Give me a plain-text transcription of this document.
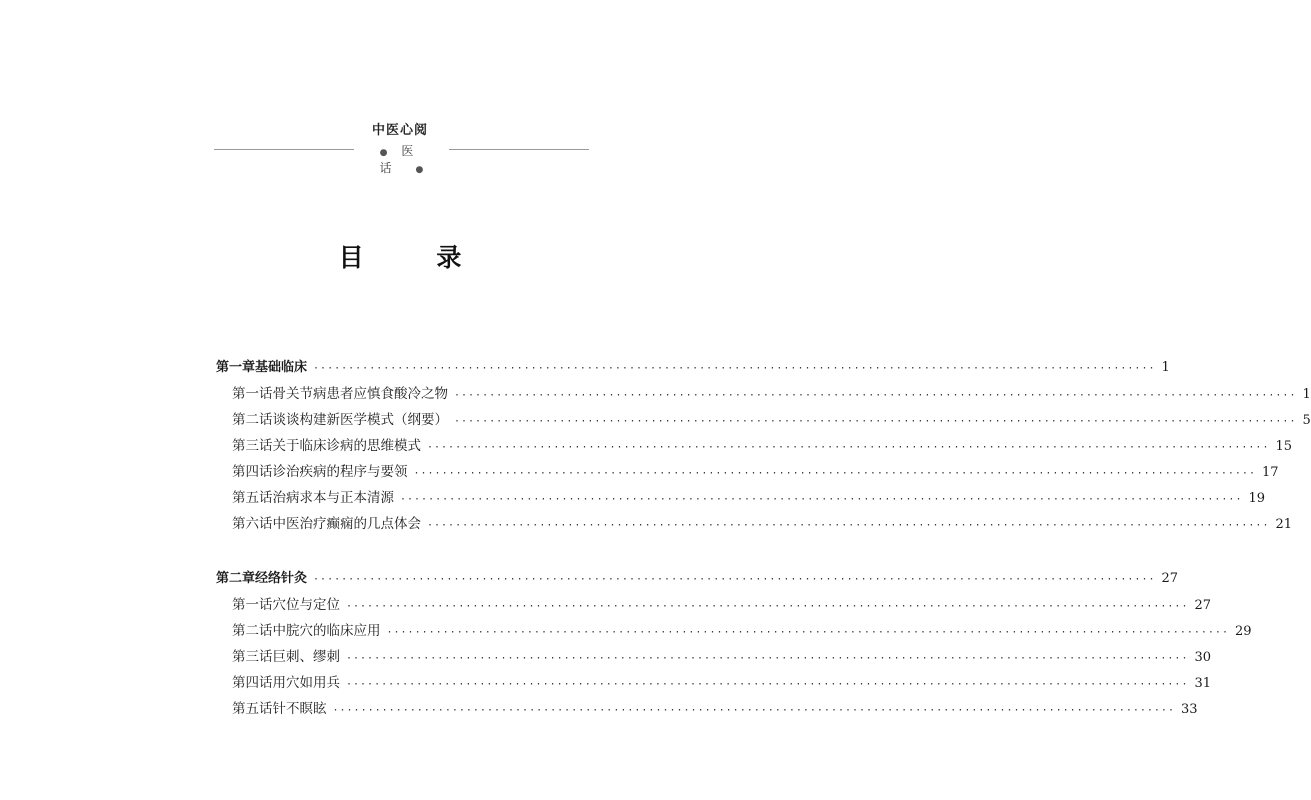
中医心阅
● 医 话 ●
目 录
第一章 基础临床 ························································································································ 1
第一话 骨关节病患者应慎食酸冷之物 ························································································································ 1
第二话 谈谈构建新医学模式（纲要） ························································································································ 5
第三话 关于临床诊病的思维模式 ························································································································ 15
第四话 诊治疾病的程序与要领 ························································································································ 17
第五话 治病求本与正本清源 ························································································································ 19
第六话 中医治疗癫痫的几点体会 ························································································································ 21
第二章 经络针灸 ························································································································ 27
第一话 穴位与定位 ························································································································ 27
第二话 中脘穴的临床应用 ························································································································ 29
第三话 巨刺、缪刺 ························································································································ 30
第四话 用穴如用兵 ························································································································ 31
第五话 针不瞑眩 ························································································································ 33
